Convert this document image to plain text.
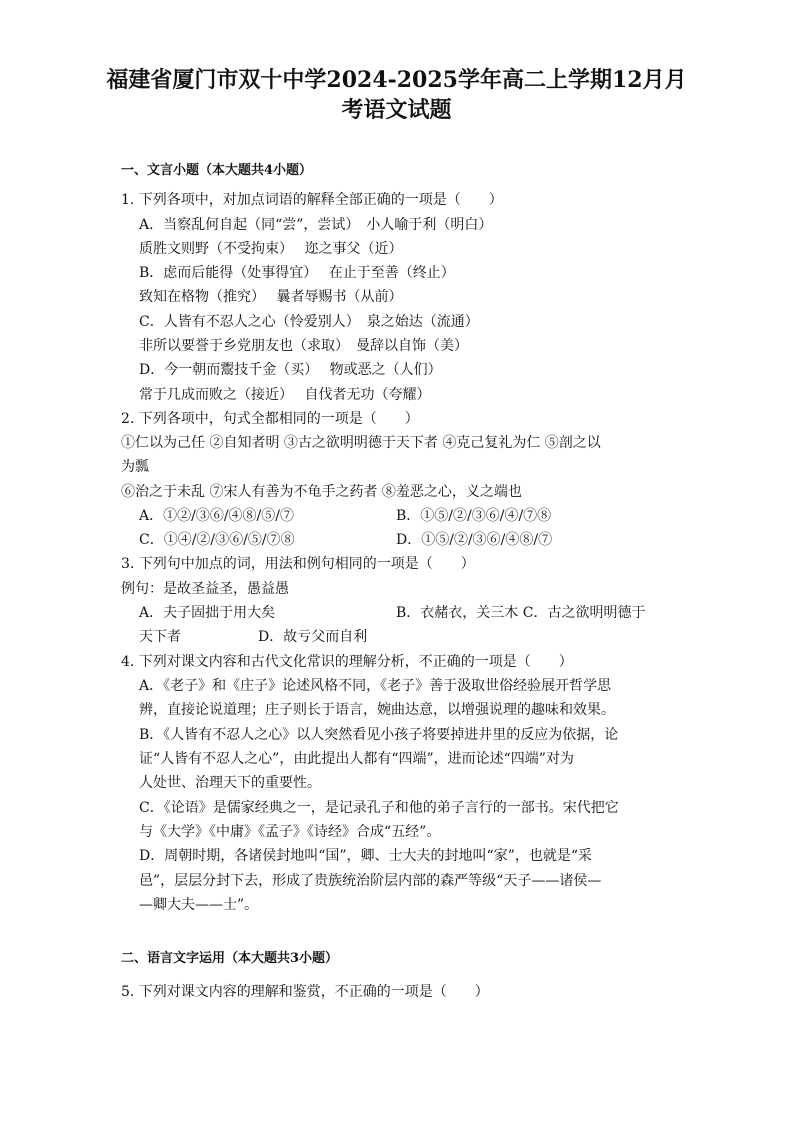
福建省厦门市双十中学2024-2025学年高二上学期12月月
考语文试题
一、文言小题（本大题共4小题）
1. 下列各项中，对加点词语的解释全部正确的一项是（　　）
A．当察乱何自起（同“尝”，尝试）　小人喻于利（明白）
质胜文则野（不受拘束）　 迩之事父（近）
B．虑而后能得（处事得宜）　 在止于至善（终止）
致知在格物（推究）　 曩者辱赐书（从前）
C．人皆有不忍人之心（怜爱别人）　泉之始达（流通）
非所以要誉于乡党朋友也（求取）　曼辞以自饰（美）
D．今一朝而鬻技千金（买）　 物或恶之（人们）
常于几成而败之（接近）　 自伐者无功（夸耀）
2. 下列各项中，句式全都相同的一项是（　　）
①仁以为己任 ②自知者明 ③古之欲明明德于天下者 ④克己复礼为仁 ⑤剖之以
为瓢
⑥治之于未乱 ⑦宋人有善为不龟手之药者 ⑧羞恶之心，义之端也
A．①②/③⑥/④⑧/⑤/⑦	B．①⑤/②/③⑥/④/⑦⑧
C．①④/②/③⑥/⑤/⑦⑧	D．①⑤/②/③⑥/④⑧/⑦
3. 下列句中加点的词，用法和例句相同的一项是（　　）
例句：是故圣益圣，愚益愚
A．夫子固拙于用大矣	B．衣赭衣，关三木 C．古之欲明明德于
天下者	D．故亏父而自利
4. 下列对课文内容和古代文化常识的理解分析，不正确的一项是（　　）
A．《老子》和《庄子》论述风格不同，《老子》善于汲取世俗经验展开哲学思
辨，直接论说道理；庄子则长于语言，婉曲达意，以增强说理的趣味和效果。
B．《人皆有不忍人之心》以人突然看见小孩子将要掉进井里的反应为依据，论
证“人皆有不忍人之心”，由此提出人都有“四端”，进而论述“四端”对为
人处世、治理天下的重要性。
C．《论语》是儒家经典之一，是记录孔子和他的弟子言行的一部书。宋代把它
与《大学》《中庸》《孟子》《诗经》合成“五经”。
D．周朝时期，各诸侯封地叫“国”，卿、士大夫的封地叫“家”，也就是“采
邑”，层层分封下去，形成了贵族统治阶层内部的森严等级“天子——诸侯—
—卿大夫——士”。
二、语言文字运用（本大题共3小题）
5. 下列对课文内容的理解和鉴赏，不正确的一项是（　　）
